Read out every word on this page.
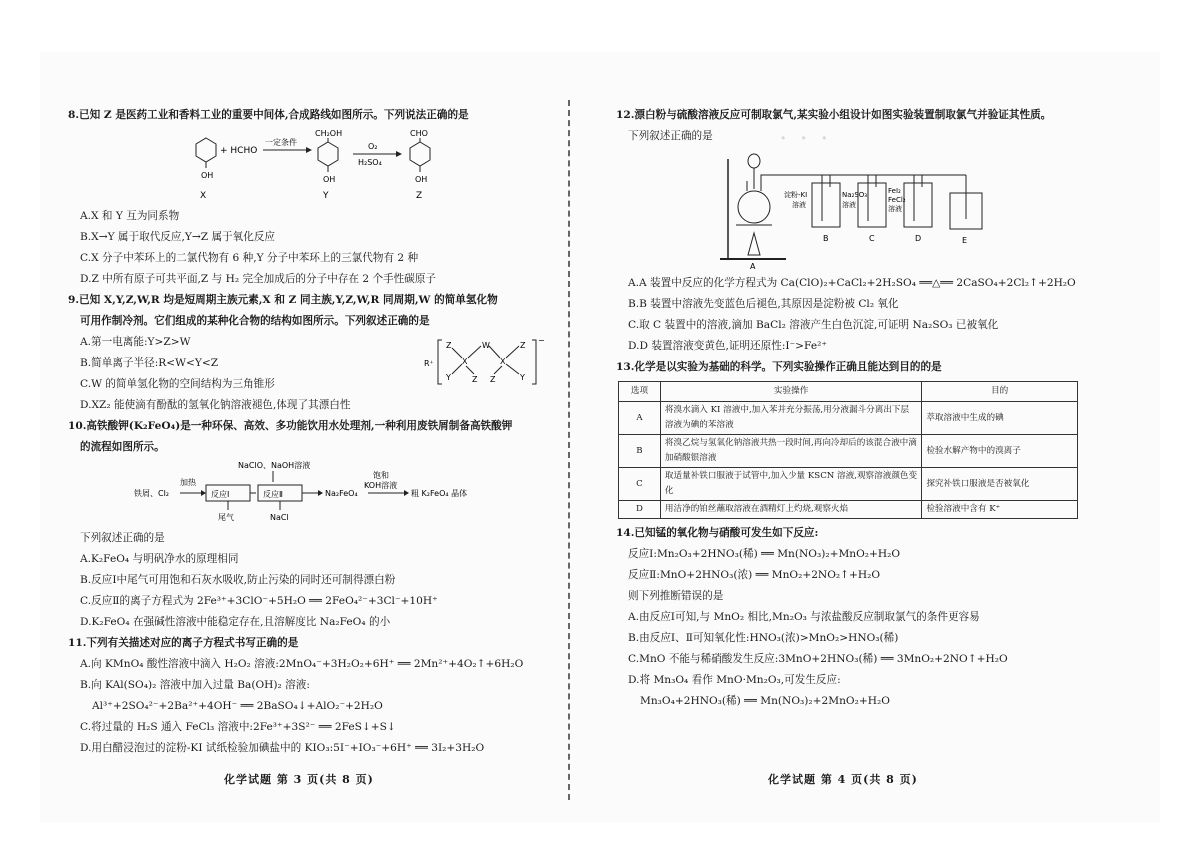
· · ·
8.已知 Z 是医药工业和香料工业的重要中间体,合成路线如图所示。下列说法正确的是
OH
X
+ HCHO
一定条件
CH₂OH
OH
Y
O₂
H₂SO₄
CHO
OH
Z
A.X 和 Y 互为同系物
B.X→Y 属于取代反应,Y→Z 属于氧化反应
C.X 分子中苯环上的二氯代物有 6 种,Y 分子中苯环上的三氯代物有 2 种
D.Z 中所有原子可共平面,Z 与 H₂ 完全加成后的分子中存在 2 个手性碳原子
9.已知 X,Y,Z,W,R 均是短周期主族元素,X 和 Z 同主族,Y,Z,W,R 同周期,W 的简单氢化物
可用作制冷剂。它们组成的某种化合物的结构如图所示。下列叙述正确的是
A.第一电离能:Y>Z>W
B.简单离子半径:R<W<Y<Z
C.W 的简单氢化物的空间结构为三角锥形
R⁺
−
Z
Y
X
W
X
Z
Y
Z Z
D.XZ₂ 能使滴有酚酞的氢氧化钠溶液褪色,体现了其漂白性
10.高铁酸钾(K₂FeO₄)是一种环保、高效、多功能饮用水处理剂,一种利用废铁屑制备高铁酸钾
的流程如图所示。
NaClO、NaOH溶液
铁屑、Cl₂
加热
反应Ⅰ
尾气
反应Ⅱ
NaCl
Na₂FeO₄
饱和
KOH溶液
粗 K₂FeO₄ 晶体
下列叙述正确的是
A.K₂FeO₄ 与明矾净水的原理相同
B.反应Ⅰ中尾气可用饱和石灰水吸收,防止污染的同时还可制得漂白粉
C.反应Ⅱ的离子方程式为 2Fe³⁺+3ClO⁻+5H₂O ══ 2FeO₄²⁻+3Cl⁻+10H⁺
D.K₂FeO₄ 在强碱性溶液中能稳定存在,且溶解度比 Na₂FeO₄ 的小
11.下列有关描述对应的离子方程式书写正确的是
A.向 KMnO₄ 酸性溶液中滴入 H₂O₂ 溶液:2MnO₄⁻+3H₂O₂+6H⁺ ══ 2Mn²⁺+4O₂↑+6H₂O
B.向 KAl(SO₄)₂ 溶液中加入过量 Ba(OH)₂ 溶液:
Al³⁺+2SO₄²⁻+2Ba²⁺+4OH⁻ ══ 2BaSO₄↓+AlO₂⁻+2H₂O
C.将过量的 H₂S 通入 FeCl₃ 溶液中:2Fe³⁺+3S²⁻ ══ 2FeS↓+S↓
D.用白醋浸泡过的淀粉-KI 试纸检验加碘盐中的 KIO₃:5I⁻+IO₃⁻+6H⁺ ══ 3I₂+3H₂O
化学试题 第 3 页(共 8 页)
12.漂白粉与硫酸溶液反应可制取氯气,某实验小组设计如图实验装置制取氯气并验证其性质。
下列叙述正确的是
A
淀粉-KI
溶液
Na₂SO₃
溶液
FeI₂
FeCl₂
溶液
B	C	D	E
A.A 装置中反应的化学方程式为 Ca(ClO)₂+CaCl₂+2H₂SO₄ ══△══ 2CaSO₄+2Cl₂↑+2H₂O
B.B 装置中溶液先变蓝色后褪色,其原因是淀粉被 Cl₂ 氧化
C.取 C 装置中的溶液,滴加 BaCl₂ 溶液产生白色沉淀,可证明 Na₂SO₃ 已被氧化
D.D 装置溶液变黄色,证明还原性:I⁻>Fe²⁺
13.化学是以实验为基础的科学。下列实验操作正确且能达到目的的是
选项	实验操作	目的
A	将溴水滴入 KI 溶液中,加入苯并充分振荡,用分液漏斗分离出下层溶液为碘的苯溶液	萃取溶液中生成的碘
B	将溴乙烷与氢氧化钠溶液共热一段时间,再向冷却后的该混合液中滴加硝酸银溶液	检验水解产物中的溴离子
C	取适量补铁口服液于试管中,加入少量 KSCN 溶液,观察溶液颜色变化	探究补铁口服液是否被氧化
D	用洁净的铂丝蘸取溶液在酒精灯上灼烧,观察火焰	检验溶液中含有 K⁺
14.已知锰的氧化物与硝酸可发生如下反应:
反应Ⅰ:Mn₂O₃+2HNO₃(稀) ══ Mn(NO₃)₂+MnO₂+H₂O
反应Ⅱ:MnO+2HNO₃(浓) ══ MnO₂+2NO₂↑+H₂O
则下列推断错误的是
A.由反应Ⅰ可知,与 MnO₂ 相比,Mn₂O₃ 与浓盐酸反应制取氯气的条件更容易
B.由反应Ⅰ、Ⅱ可知氧化性:HNO₃(浓)>MnO₂>HNO₃(稀)
C.MnO 不能与稀硝酸发生反应:3MnO+2HNO₃(稀) ══ 3MnO₂+2NO↑+H₂O
D.将 Mn₃O₄ 看作 MnO·Mn₂O₃,可发生反应:
Mn₃O₄+2HNO₃(稀) ══ Mn(NO₃)₂+2MnO₂+H₂O
化学试题 第 4 页(共 8 页)
